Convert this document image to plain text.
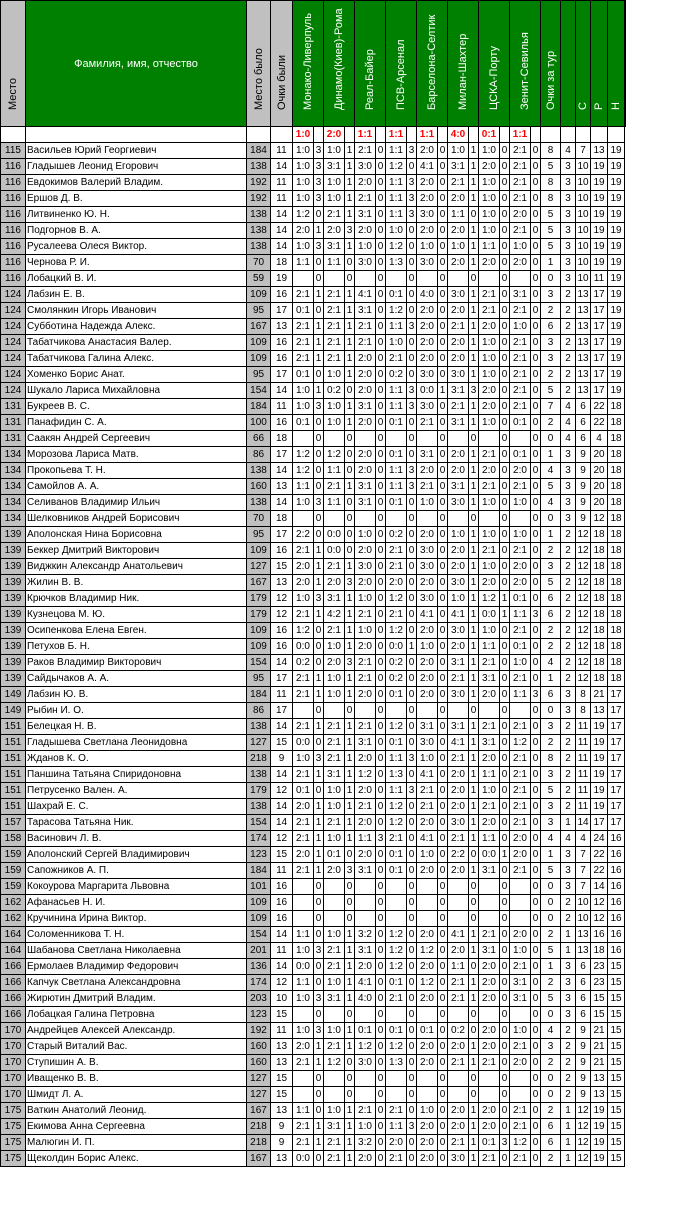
Место	Фамилия, имя, отчество	Место было	Очки были	Монако-Ливерпуль		Динамо(Киев)-Рома		Реал-Байер		ПСВ-Арсенал		Барселона-Селтик		Милан-Шахтер		ЦСКА-Порту		Зенит-Севилья		Очки за тур		С	Р	Н

				1:0		2:0		1:1		1:1		1:1		4:0		0:1		1:1							
115	Васильев Юрий Георгиевич	184	11	1:0	3	1:0	1	2:1	0	1:1	3	2:0	0	1:0	1	1:0	0	2:1	0	8	4	7	13	19	
116	Гладышев Леонид Егорович	138	14	1:0	3	3:1	1	3:0	0	1:2	0	4:1	0	3:1	1	2:0	0	2:1	0	5	3	10	19	19	
116	Евдокимов Валерий Владим.	192	11	1:0	3	1:0	1	2:0	0	1:1	3	2:0	0	2:1	1	1:0	0	2:1	0	8	3	10	19	19	
116	Ершов Д. В.	192	11	1:0	3	1:0	1	2:1	0	1:1	3	2:0	0	2:0	1	1:0	0	2:1	0	8	3	10	19	19	
116	Литвиненко Ю. Н.	138	14	1:2	0	2:1	1	3:1	0	1:1	3	3:0	0	1:1	0	1:0	0	2:0	0	5	3	10	19	19	
116	Подгорнов В. А.	138	14	2:0	1	2:0	3	2:0	0	1:0	0	2:0	0	2:0	1	1:0	0	2:1	0	5	3	10	19	19	
116	Русалеева Олеся Виктор.	138	14	1:0	3	3:1	1	1:0	0	1:2	0	1:0	0	1:0	1	1:1	0	1:0	0	5	3	10	19	19	
116	Чернова Р. И.	70	18	1:1	0	1:1	0	3:0	0	1:3	0	3:0	0	2:0	1	2:0	0	2:0	0	1	3	10	19	19	
116	Лобацкий В. И.	59	19		0		0		0		0		0		0		0		0	0	3	10	11	19	
124	Лабзин Е. В.	109	16	2:1	1	2:1	1	4:1	0	0:1	0	4:0	0	3:0	1	2:1	0	3:1	0	3	2	13	17	19	
124	Смолянкин Игорь Иванович	95	17	0:1	0	2:1	1	3:1	0	1:2	0	2:0	0	2:0	1	2:1	0	2:1	0	2	2	13	17	19	
124	Субботина Надежда Алекс.	167	13	2:1	1	2:1	1	2:1	0	1:1	3	2:0	0	2:1	1	2:0	0	1:0	0	6	2	13	17	19	
124	Табатчикова Анастасия Валер.	109	16	2:1	1	2:1	1	2:1	0	1:0	0	2:0	0	2:0	1	1:0	0	2:1	0	3	2	13	17	19	
124	Табатчикова Галина Алекс.	109	16	2:1	1	2:1	1	2:0	0	2:1	0	2:0	0	2:0	1	1:0	0	2:1	0	3	2	13	17	19	
124	Хоменко Борис Анат.	95	17	0:1	0	1:0	1	2:0	0	0:2	0	3:0	0	3:0	1	1:0	0	2:1	0	2	2	13	17	19	
124	Шукало Лариса Михайловна	154	14	1:0	1	0:2	0	2:0	0	1:1	3	0:0	1	3:1	3	2:0	0	2:1	0	5	2	13	17	19	
131	Букреев В. С.	184	11	1:0	3	1:0	1	3:1	0	1:1	3	3:0	0	2:1	1	2:0	0	2:1	0	7	4	6	22	18	
131	Панафидин С. А.	100	16	0:1	0	1:0	1	2:0	0	0:1	0	2:1	0	3:1	1	1:0	0	0:1	0	2	4	6	22	18	
131	Саакян Андрей Сергеевич	66	18		0		0		0		0		0		0		0		0	0	4	6	4	18	
134	Морозова Лариса Матв.	86	17	1:2	0	1:2	0	2:0	0	0:1	0	3:1	0	2:0	1	2:1	0	0:1	0	1	3	9	20	18	
134	Прокопьева Т. Н.	138	14	1:2	0	1:1	0	2:0	0	1:1	3	2:0	0	2:0	1	2:0	0	2:0	0	4	3	9	20	18	
134	Самойлов А. А.	160	13	1:1	0	2:1	1	3:1	0	1:1	3	2:1	0	3:1	1	2:1	0	2:1	0	5	3	9	20	18	
134	Селиванов Владимир Ильич	138	14	1:0	3	1:1	0	3:1	0	0:1	0	1:0	0	3:0	1	1:0	0	1:0	0	4	3	9	20	18	
134	Шелковников Андрей Борисович	70	18		0		0		0		0		0		0		0		0	0	3	9	12	18	
139	Аполонская Нина Борисовна	95	17	2:2	0	0:0	0	1:0	0	0:2	0	2:0	0	1:0	1	1:0	0	1:0	0	1	2	12	18	18	
139	Беккер Дмитрий Викторович	109	16	2:1	1	0:0	0	2:0	0	2:1	0	3:0	0	2:0	1	2:1	0	2:1	0	2	2	12	18	18	
139	Виджкин Александр Анатольевич	127	15	2:0	1	2:1	1	3:0	0	2:1	0	3:0	0	2:0	1	1:0	0	2:0	0	3	2	12	18	18	
139	Жилин В. В.	167	13	2:0	1	2:0	3	2:0	0	2:0	0	2:0	0	3:0	1	2:0	0	2:0	0	5	2	12	18	18	
139	Крючков Владимир Ник.	179	12	1:0	3	3:1	1	1:0	0	1:2	0	3:0	0	1:0	1	1:2	1	0:1	0	6	2	12	18	18	
139	Кузнецова М. Ю.	179	12	2:1	1	4:2	1	2:1	0	2:1	0	4:1	0	4:1	1	0:0	1	1:1	3	6	2	12	18	18	
139	Осипенкова Елена Евген.	109	16	1:2	0	2:1	1	1:0	0	1:2	0	2:0	0	3:0	1	1:0	0	2:1	0	2	2	12	18	18	
139	Петухов Б. Н.	109	16	0:0	0	1:0	1	2:0	0	0:0	1	1:0	0	2:0	1	1:1	0	0:1	0	2	2	12	18	18	
139	Раков Владимир Викторович	154	14	0:2	0	2:0	3	2:1	0	0:2	0	2:0	0	3:1	1	2:1	0	1:0	0	4	2	12	18	18	
139	Сайдычаков А. А.	95	17	2:1	1	1:0	1	2:1	0	0:2	0	2:0	0	2:1	1	3:1	0	2:1	0	1	2	12	18	18	
149	Лабзин Ю. В.	184	11	2:1	1	1:0	1	2:0	0	0:1	0	2:0	0	3:0	1	2:0	0	1:1	3	6	3	8	21	17	
149	Рыбин И. О.	86	17		0		0		0		0		0		0		0		0	0	3	8	13	17	
151	Белецкая Н. В.	138	14	2:1	1	2:1	1	2:1	0	1:2	0	3:1	0	3:1	1	2:1	0	2:1	0	3	2	11	19	17	
151	Гладышева Светлана Леонидовна	127	15	0:0	0	2:1	1	3:1	0	0:1	0	3:0	0	4:1	1	3:1	0	1:2	0	2	2	11	19	17	
151	Жданов К. О.	218	9	1:0	3	2:1	1	2:0	0	1:1	3	1:0	0	2:1	1	2:0	0	2:1	0	8	2	11	19	17	
151	Паншина Татьяна Спиридоновна	138	14	2:1	1	3:1	1	1:2	0	1:3	0	4:1	0	2:0	1	1:1	0	2:1	0	3	2	11	19	17	
151	Петрусенко Вален. А.	179	12	0:1	0	1:0	1	2:0	0	1:1	3	2:1	0	2:0	1	1:0	0	2:1	0	5	2	11	19	17	
151	Шахрай Е. С.	138	14	2:0	1	1:0	1	2:1	0	1:2	0	2:1	0	2:0	1	2:1	0	2:1	0	3	2	11	19	17	
157	Тарасова Татьяна Ник.	154	14	2:1	1	2:1	1	2:0	0	1:2	0	2:0	0	3:0	1	2:0	0	2:1	0	3	1	14	17	17	
158	Васинович Л. В.	174	12	2:1	1	1:0	1	1:1	3	2:1	0	4:1	0	2:1	1	1:1	0	2:0	0	4	4	4	24	16	
159	Аполонский Сергей Владимирович	123	15	2:0	1	0:1	0	2:0	0	0:1	0	1:0	0	2:2	0	0:0	1	2:0	0	1	3	7	22	16	
159	Сапожников А. П.	184	11	2:1	1	2:0	3	3:1	0	0:1	0	2:0	0	2:0	1	3:1	0	2:1	0	5	3	7	22	16	
159	Кокоурова Маргарита Львовна	101	16		0		0		0		0		0		0		0		0	0	3	7	14	16	
162	Афанасьев Н. И.	109	16		0		0		0		0		0		0		0		0	0	2	10	12	16	
162	Кручинина Ирина Виктор.	109	16		0		0		0		0		0		0		0		0	0	2	10	12	16	
164	Соломенникова Т. Н.	154	14	1:1	0	1:0	1	3:2	0	1:2	0	2:0	0	4:1	1	2:1	0	2:0	0	2	1	13	16	16	
164	Шабанова Светлана Николаевна	201	11	1:0	3	2:1	1	3:1	0	1:2	0	1:2	0	2:0	1	3:1	0	1:0	0	5	1	13	18	16	
166	Ермолаев Владимир Федорович	136	14	0:0	0	2:1	1	2:0	0	1:2	0	2:0	0	1:1	0	2:0	0	2:1	0	1	3	6	23	15	
166	Капчук Светлана Александровна	174	12	1:1	0	1:0	1	4:1	0	0:1	0	1:2	0	2:1	1	2:0	0	3:1	0	2	3	6	23	15	
166	Жирютин Дмитрий Владим.	203	10	1:0	3	3:1	1	4:0	0	2:1	0	2:0	0	2:1	1	2:0	0	3:1	0	5	3	6	15	15	
166	Лобацкая Галина Петровна	123	15		0		0		0		0		0		0		0		0	0	3	6	15	15	
170	Андрейцев Алексей Александр.	192	11	1:0	3	1:0	1	0:1	0	0:1	0	0:1	0	0:2	0	2:0	0	1:0	0	4	2	9	21	15	
170	Старый Виталий Вас.	160	13	2:0	1	2:1	1	1:2	0	1:2	0	2:0	0	2:0	1	2:0	0	2:1	0	3	2	9	21	15	
170	Ступишин А. В.	160	13	2:1	1	1:2	0	3:0	0	1:3	0	2:0	0	2:1	1	2:1	0	2:0	0	2	2	9	21	15	
170	Иващенко В. В.	127	15		0		0		0		0		0		0		0		0	0	2	9	13	15	
170	Шмидт Л. А.	127	15		0		0		0		0		0		0		0		0	0	2	9	13	15	
175	Ваткин Анатолий Леонид.	167	13	1:1	0	1:0	1	2:1	0	2:1	0	1:0	0	2:0	1	2:0	0	2:1	0	2	1	12	19	15	
175	Екимова Анна Сергеевна	218	9	2:1	1	3:1	1	1:0	0	1:1	3	2:0	0	2:0	1	2:0	0	2:1	0	6	1	12	19	15	
175	Малюгин И. П.	218	9	2:1	1	2:1	1	3:2	0	2:0	0	2:0	0	2:1	1	0:1	3	1:2	0	6	1	12	19	15	
175	Щеколдин Борис Алекс.	167	13	0:0	0	2:1	1	2:0	0	2:1	0	2:0	0	3:0	1	2:1	0	2:1	0	2	1	12	19	15	
